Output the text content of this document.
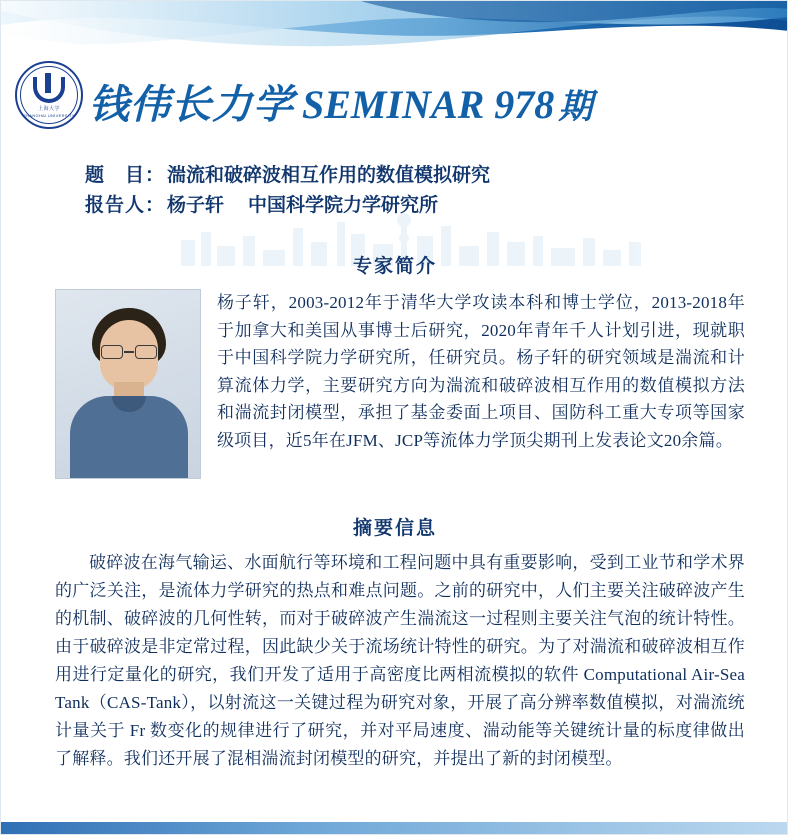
上海大学
SHANGHAI UNIVERSITY 钱伟长力学 SEMINAR 978 期
题　目： 湍流和破碎波相互作用的数值模拟研究
报告人： 杨子轩 中国科学院力学研究所
专家简介
杨子轩，2003-2012年于清华大学攻读本科和博士学位，2013-2018年于加拿大和美国从事博士后研究，2020年青年千人计划引进，现就职于中国科学院力学研究所，任研究员。杨子轩的研究领域是湍流和计算流体力学，主要研究方向为湍流和破碎波相互作用的数值模拟方法和湍流封闭模型，承担了基金委面上项目、国防科工重大专项等国家级项目，近5年在JFM、JCP等流体力学顶尖期刊上发表论文20余篇。
摘要信息

破碎波在海气输运、水面航行等环境和工程问题中具有重要影响，受到工业节和学术界的广泛关注，是流体力学研究的热点和难点问题。之前的研究中，人们主要关注破碎波产生的机制、破碎波的几何性转，而对于破碎波产生湍流这一过程则主要关注气泡的统计特性。由于破碎波是非定常过程，因此缺少关于流场统计特性的研究。为了对湍流和破碎波相互作用进行定量化的研究，我们开发了适用于高密度比两相流模拟的软件 Computational Air-Sea Tank（CAS-Tank），以射流这一关键过程为研究对象，开展了高分辨率数值模拟，对湍流统计量关于 Fr 数变化的规律进行了研究，并对平局速度、湍动能等关键统计量的标度律做出了解释。我们还开展了混相湍流封闭模型的研究，并提出了新的封闭模型。
